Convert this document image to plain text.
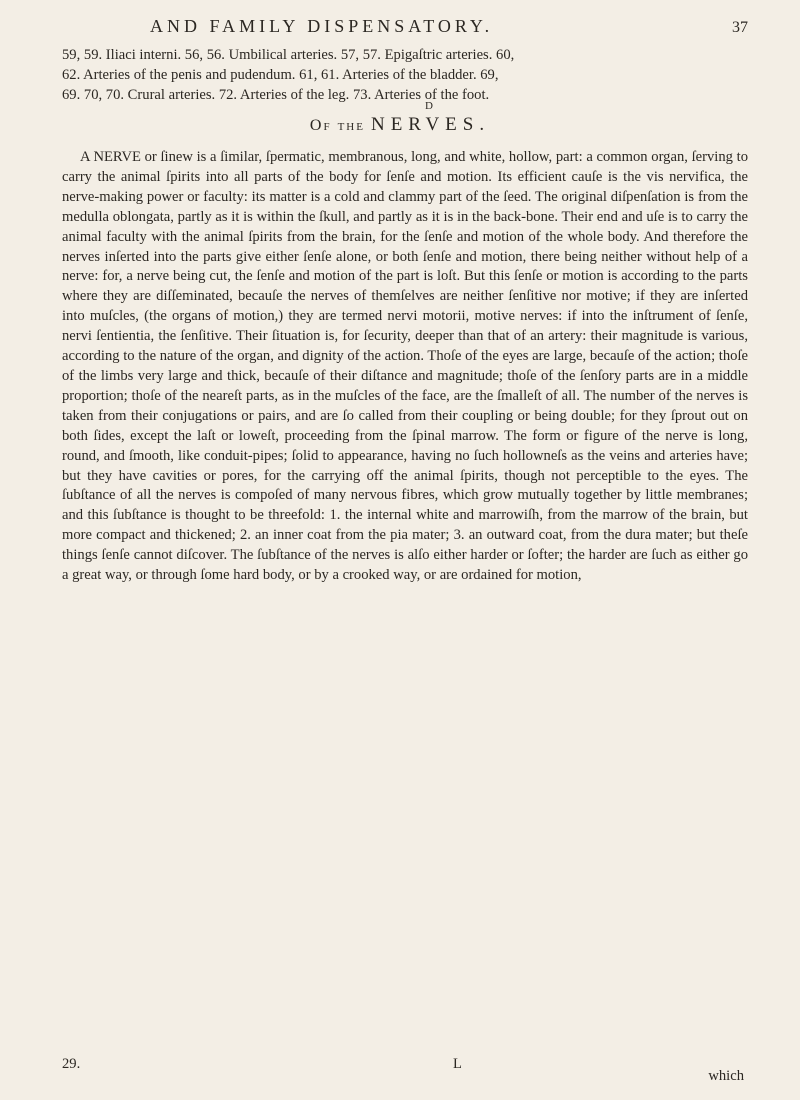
AND FAMILY DISPENSATORY.	37
59, 59. Iliaci interni. 56, 56. Umbilical arteries. 57, 57. Epigaſtric arteries. 60,
62. Arteries of the penis and pudendum. 61, 61. Arteries of the bladder. 69,
69. 70, 70. Crural arteries. 72. Arteries of the leg. 73. Arteries of the foot.
D
Of the NERVES.

A NERVE or ſinew is a ſimilar, ſpermatic, membranous, long, and white, hollow, part: a common organ, ſerving to carry the animal ſpirits into all parts of the body for ſenſe and motion. Its efficient cauſe is the vis nervifica, the nerve-making power or faculty: its matter is a cold and clammy part of the ſeed. The original diſpenſation is from the medulla oblongata, partly as it is within the ſkull, and partly as it is in the back-bone. Their end and uſe is to carry the animal faculty with the animal ſpirits from the brain, for the ſenſe and motion of the whole body. And therefore the nerves inſerted into the parts give either ſenſe alone, or both ſenſe and motion, there being neither without help of a nerve: for, a nerve being cut, the ſenſe and motion of the part is loſt. But this ſenſe or motion is according to the parts where they are diſſeminated, becauſe the nerves of themſelves are neither ſenſitive nor motive; if they are inſerted into muſcles, (the organs of motion,) they are termed nervi motorii, motive nerves: if into the inſtrument of ſenſe, nervi ſentientia, the ſenſitive. Their ſituation is, for ſecurity, deeper than that of an artery: their magnitude is various, according to the nature of the organ, and dignity of the action. Thoſe of the eyes are large, becauſe of the action; thoſe of the limbs very large and thick, becauſe of their diſtance and magnitude; thoſe of the ſenſory parts are in a middle proportion; thoſe of the neareſt parts, as in the muſcles of the face, are the ſmalleſt of all. The number of the nerves is taken from their conjugations or pairs, and are ſo called from their coupling or being double; for they ſprout out on both ſides, except the laſt or loweſt, proceeding from the ſpinal marrow. The form or figure of the nerve is long, round, and ſmooth, like conduit-pipes; ſolid to appearance, having no ſuch hollowneſs as the veins and arteries have; but they have cavities or pores, for the carrying off the animal ſpirits, though not perceptible to the eyes. The ſubſtance of all the nerves is compoſed of many nervous fibres, which grow mutually together by little membranes; and this ſubſtance is thought to be threefold: 1. the internal white and marrowiſh, from the marrow of the brain, but more compact and thickened; 2. an inner coat from the pia mater; 3. an outward coat, from the dura mater; but theſe things ſenſe cannot diſcover. The ſubſtance of the nerves is alſo either harder or ſofter; the harder are ſuch as either go a great way, or through ſome hard body, or by a crooked way, or are ordained for motion,

29.	L
which
